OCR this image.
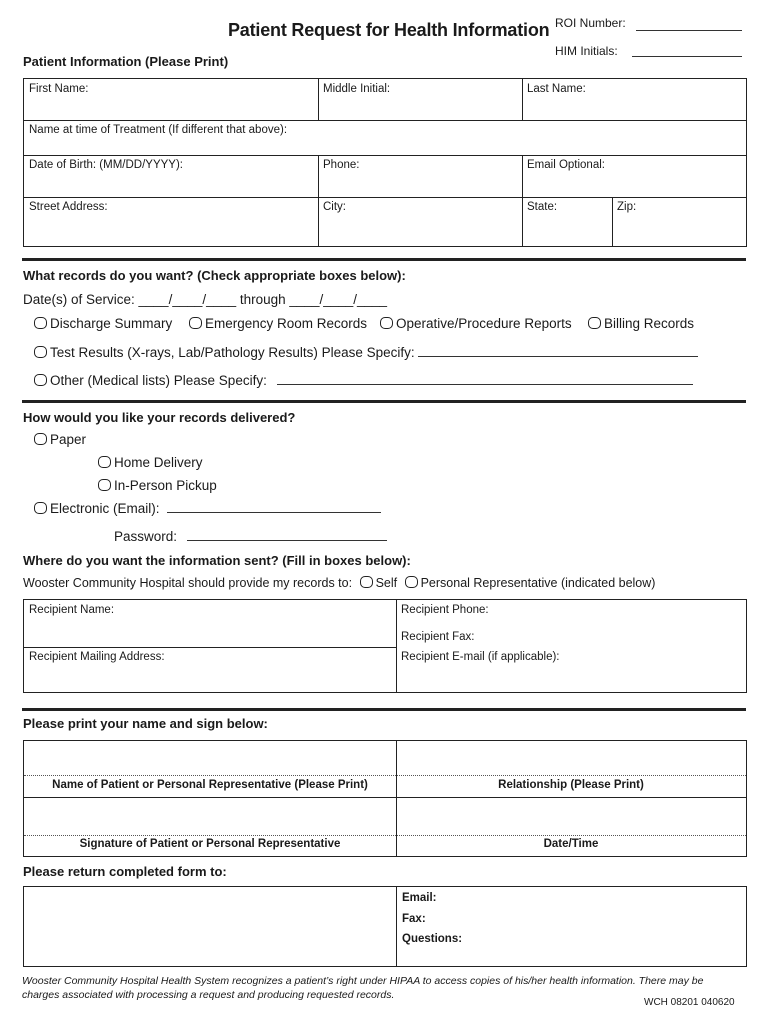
Patient Request for Health Information ROI Number:
HIM Initials:
Patient Information (Please Print)
First Name:	Middle Initial:	Last Name:
Name at time of Treatment (If different that above):
Date of Birth: (MM/DD/YYYY):	Phone:	Email Optional:
Street Address:	City:	State:	Zip:
What records do you want? (Check appropriate boxes below):
Date(s) of Service: ____/____/____ through ____/____/____
Discharge Summary	Emergency Room Records	Operative/Procedure Reports	Billing Records
Test Results (X-rays, Lab/Pathology Results) Please Specify:
Other (Medical lists) Please Specify:
How would you like your records delivered?
Paper
Home Delivery
In-Person Pickup
Electronic (Email):
Password:
Where do you want the information sent? (Fill in boxes below):
Wooster Community Hospital should provide my records to: Self Personal Representative (indicated below)
Recipient Name:	Recipient Phone:
Recipient Fax:
Recipient Mailing Address:	Recipient E-mail (if applicable):
Please print your name and sign below:
Name of Patient or Personal Representative (Please Print)	Relationship (Please Print)
Signature of Patient or Personal Representative	Date/Time
Please return completed form to:
Email:
Fax:
Questions:
Wooster Community Hospital Health System recognizes a patient’s right under HIPAA to access copies of his/her health information. There may be charges associated with processing a request and producing requested records.
WCH 08201 040620
